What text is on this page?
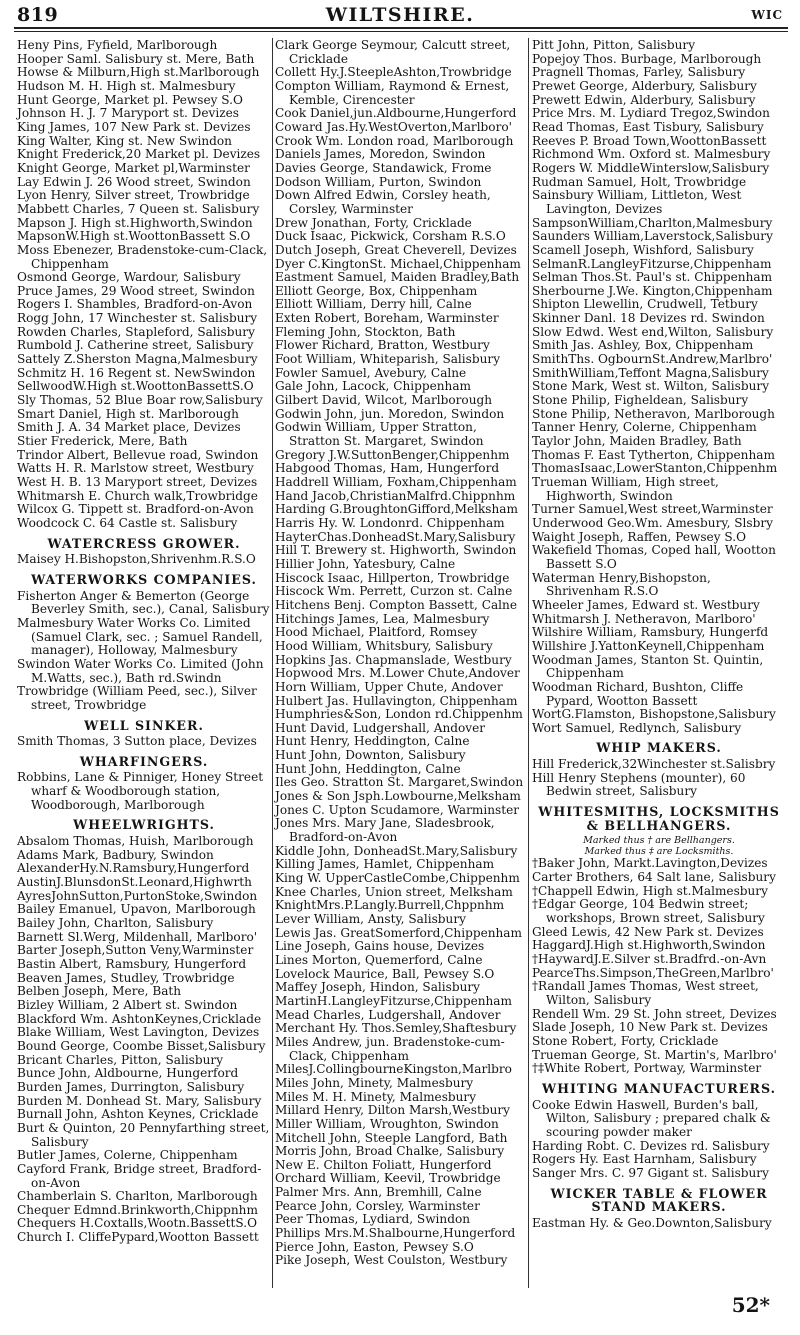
819	WILTSHIRE.	WIC
Heny Pins, Fyfield, Marlborough
Hooper Saml. Salisbury st. Mere, Bath
Howse & Milburn,High st.Marlborough
Hudson M. H. High st. Malmesbury
Hunt George, Market pl. Pewsey S.O
Johnson H. J. 7 Maryport st. Devizes
King James, 107 New Park st. Devizes
King Walter, King st. New Swindon
Knight Frederick,20 Market pl. Devizes
Knight George, Market pl,Warminster
Lay Edwin J. 26 Wood street, Swindon
Lyon Henry, Silver street, Trowbridge
Mabbett Charles, 7 Queen st. Salisbury
Mapson J. High st.Highworth,Swindon
MapsonW.High st.WoottonBassett S.O
Moss Ebenezer, Bradenstoke-cum-Clack, Chippenham
Osmond George, Wardour, Salisbury
Pruce James, 29 Wood street, Swindon
Rogers I. Shambles, Bradford-on-Avon
Rogg John, 17 Winchester st. Salisbury
Rowden Charles, Stapleford, Salisbury
Rumbold J. Catherine street, Salisbury
Sattely Z.Sherston Magna,Malmesbury
Schmitz H. 16 Regent st. NewSwindon
SellwoodW.High st.WoottonBassettS.O
Sly Thomas, 52 Blue Boar row,Salisbury
Smart Daniel, High st. Marlborough
Smith J. A. 34 Market place, Devizes
Stier Frederick, Mere, Bath
Trindor Albert, Bellevue road, Swindon
Watts H. R. Marlstow street, Westbury
West H. B. 13 Maryport street, Devizes
Whitmarsh E. Church walk,Trowbridge
Wilcox G. Tippett st. Bradford-on-Avon
Woodcock C. 64 Castle st. Salisbury
WATERCRESS GROWER.
Maisey H.Bishopston,Shrivenhm.R.S.O
WATERWORKS COMPANIES.
Fisherton Anger & Bemerton (George Beverley Smith, sec.), Canal, Salisbury
Malmesbury Water Works Co. Limited (Samuel Clark, sec. ; Samuel Randell, manager), Holloway, Malmesbury
Swindon Water Works Co. Limited (John M.Watts, sec.), Bath rd.Swindn
Trowbridge (William Peed, sec.), Silver street, Trowbridge
WELL SINKER.
Smith Thomas, 3 Sutton place, Devizes
WHARFINGERS.
Robbins, Lane & Pinniger, Honey Street wharf & Woodborough station, Woodborough, Marlborough
WHEELWRIGHTS.
Absalom Thomas, Huish, Marlborough
Adams Mark, Badbury, Swindon
AlexanderHy.N.Ramsbury,Hungerford
AustinJ.BlunsdonSt.Leonard,Highwrth
AyresJohnSutton,PurtonStoke,Swindon
Bailey Emanuel, Upavon, Marlborough
Bailey John, Charlton, Salisbury
Barnett Sl.Werg, Mildenhall, Marlboro'
Barter Joseph,Sutton Veny,Warminster
Bastin Albert, Ramsbury, Hungerford
Beaven James, Studley, Trowbridge
Belben Joseph, Mere, Bath
Bizley William, 2 Albert st. Swindon
Blackford Wm. AshtonKeynes,Cricklade
Blake William, West Lavington, Devizes
Bound George, Coombe Bisset,Salisbury
Bricant Charles, Pitton, Salisbury
Bunce John, Aldbourne, Hungerford
Burden James, Durrington, Salisbury
Burden M. Donhead St. Mary, Salisbury
Burnall John, Ashton Keynes, Cricklade
Burt & Quinton, 20 Pennyfarthing street, Salisbury
Butler James, Colerne, Chippenham
Cayford Frank, Bridge street, Bradford-on-Avon
Chamberlain S. Charlton, Marlborough
Chequer Edmnd.Brinkworth,Chippnhm
Chequers H.Coxtalls,Wootn.BassettS.O
Church I. CliffePypard,Wootton Bassett
Clark George Seymour, Calcutt street, Cricklade
Collett Hy.J.SteepleAshton,Trowbridge
Compton William, Raymond & Ernest, Kemble, Cirencester
Cook Daniel,jun.Aldbourne,Hungerford
Coward Jas.Hy.WestOverton,Marlboro'
Crook Wm. London road, Marlborough
Daniels James, Moredon, Swindon
Davies George, Standawick, Frome
Dodson William, Purton, Swindon
Down Alfred Edwin, Corsley heath, Corsley, Warminster
Drew Jonathan, Forty, Cricklade
Duck Isaac, Pickwick, Corsham R.S.O
Dutch Joseph, Great Cheverell, Devizes
Dyer C.KingtonSt. Michael,Chippenham
Eastment Samuel, Maiden Bradley,Bath
Elliott George, Box, Chippenham
Elliott William, Derry hill, Calne
Exten Robert, Boreham, Warminster
Fleming John, Stockton, Bath
Flower Richard, Bratton, Westbury
Foot William, Whiteparish, Salisbury
Fowler Samuel, Avebury, Calne
Gale John, Lacock, Chippenham
Gilbert David, Wilcot, Marlborough
Godwin John, jun. Moredon, Swindon
Godwin William, Upper Stratton, Stratton St. Margaret, Swindon
Gregory J.W.SuttonBenger,Chippenhm
Habgood Thomas, Ham, Hungerford
Haddrell William, Foxham,Chippenham
Hand Jacob,ChristianMalfrd.Chippnhm
Harding G.BroughtonGifford,Melksham
Harris Hy. W. Londonrd. Chippenham
HayterChas.DonheadSt.Mary,Salisbury
Hill T. Brewery st. Highworth, Swindon
Hillier John, Yatesbury, Calne
Hiscock Isaac, Hillperton, Trowbridge
Hiscock Wm. Perrett, Curzon st. Calne
Hitchens Benj. Compton Bassett, Calne
Hitchings James, Lea, Malmesbury
Hood Michael, Plaitford, Romsey
Hood William, Whitsbury, Salisbury
Hopkins Jas. Chapmanslade, Westbury
Hopwood Mrs. M.Lower Chute,Andover
Horn William, Upper Chute, Andover
Hulbert Jas. Hullavington, Chippenham
Humphries&Son, London rd.Chippenhm
Hunt David, Ludgershall, Andover
Hunt Henry, Heddington, Calne
Hunt John, Downton, Salisbury
Hunt John, Heddington, Calne
Iles Geo. Stratton St. Margaret,Swindon
Jones & Son Jsph.Lowbourne,Melksham
Jones C. Upton Scudamore, Warminster
Jones Mrs. Mary Jane, Sladesbrook, Bradford-on-Avon
Kiddle John, DonheadSt.Mary,Salisbury
Killing James, Hamlet, Chippenham
King W. UpperCastleCombe,Chippenhm
Knee Charles, Union street, Melksham
KnightMrs.P.Langly.Burrell,Chppnhm
Lever William, Ansty, Salisbury
Lewis Jas. GreatSomerford,Chippenham
Line Joseph, Gains house, Devizes
Lines Morton, Quemerford, Calne
Lovelock Maurice, Ball, Pewsey S.O
Maffey Joseph, Hindon, Salisbury
MartinH.LangleyFitzurse,Chippenham
Mead Charles, Ludgershall, Andover
Merchant Hy. Thos.Semley,Shaftesbury
Miles Andrew, jun. Bradenstoke-cum-Clack, Chippenham
MilesJ.CollingbourneKingston,Marlbro
Miles John, Minety, Malmesbury
Miles M. H. Minety, Malmesbury
Millard Henry, Dilton Marsh,Westbury
Miller William, Wroughton, Swindon
Mitchell John, Steeple Langford, Bath
Morris John, Broad Chalke, Salisbury
New E. Chilton Foliatt, Hungerford
Orchard William, Keevil, Trowbridge
Palmer Mrs. Ann, Bremhill, Calne
Pearce John, Corsley, Warminster
Peer Thomas, Lydiard, Swindon
Phillips Mrs.M.Shalbourne,Hungerford
Pierce John, Easton, Pewsey S.O
Pike Joseph, West Coulston, Westbury
Pitt John, Pitton, Salisbury
Popejoy Thos. Burbage, Marlborough
Pragnell Thomas, Farley, Salisbury
Prewet George, Alderbury, Salisbury
Prewett Edwin, Alderbury, Salisbury
Price Mrs. M. Lydiard Tregoz,Swindon
Read Thomas, East Tisbury, Salisbury
Reeves P. Broad Town,WoottonBassett
Richmond Wm. Oxford st. Malmesbury
Rogers W. MiddleWinterslow,Salisbury
Rudman Samuel, Holt, Trowbridge
Sainsbury William, Littleton, West Lavington, Devizes
SampsonWilliam,Charlton,Malmesbury
Saunders William,Laverstock,Salisbury
Scamell Joseph, Wishford, Salisbury
SelmanR.LangleyFitzurse,Chippenham
Selman Thos.St. Paul's st. Chippenham
Sherbourne J.We. Kington,Chippenham
Shipton Llewellin, Crudwell, Tetbury
Skinner Danl. 18 Devizes rd. Swindon
Slow Edwd. West end,Wilton, Salisbury
Smith Jas. Ashley, Box, Chippenham
SmithThs. OgbournSt.Andrew,Marlbro'
SmithWilliam,Teffont Magna,Salisbury
Stone Mark, West st. Wilton, Salisbury
Stone Philip, Figheldean, Salisbury
Stone Philip, Netheravon, Marlborough
Tanner Henry, Colerne, Chippenham
Taylor John, Maiden Bradley, Bath
Thomas F. East Tytherton, Chippenham
ThomasIsaac,LowerStanton,Chippenhm
Trueman William, High street, Highworth, Swindon
Turner Samuel,West street,Warminster
Underwood Geo.Wm. Amesbury, Slsbry
Waight Joseph, Raffen, Pewsey S.O
Wakefield Thomas, Coped hall, Wootton Bassett S.O
Waterman Henry,Bishopston, Shrivenham R.S.O
Wheeler James, Edward st. Westbury
Whitmarsh J. Netheravon, Marlboro'
Wilshire William, Ramsbury, Hungerfd
Willshire J.YattonKeynell,Chippenham
Woodman James, Stanton St. Quintin, Chippenham
Woodman Richard, Bushton, Cliffe Pypard, Wootton Bassett
WortG.Flamston, Bishopstone,Salisbury
Wort Samuel, Redlynch, Salisbury
WHIP MAKERS.
Hill Frederick,32Winchester st.Salisbry
Hill Henry Stephens (mounter), 60 Bedwin street, Salisbury
WHITESMITHS, LOCKSMITHS & BELLHANGERS.
Marked thus † are Bellhangers.
Marked thus ‡ are Locksmiths.
†Baker John, Markt.Lavington,Devizes
Carter Brothers, 64 Salt lane, Salisbury
†Chappell Edwin, High st.Malmesbury
†Edgar George, 104 Bedwin street; workshops, Brown street, Salisbury
Gleed Lewis, 42 New Park st. Devizes
HaggardJ.High st.Highworth,Swindon
†HaywardJ.E.Silver st.Bradfrd.-on-Avn
PearceThs.Simpson,TheGreen,Marlbro'
†Randall James Thomas, West street, Wilton, Salisbury
Rendell Wm. 29 St. John street, Devizes
Slade Joseph, 10 New Park st. Devizes
Stone Robert, Forty, Cricklade
Trueman George, St. Martin's, Marlbro'
†‡White Robert, Portway, Warminster
WHITING MANUFACTURERS.
Cooke Edwin Haswell, Burden's ball, Wilton, Salisbury ; prepared chalk & scouring powder maker
Harding Robt. C. Devizes rd. Salisbury
Rogers Hy. East Harnham, Salisbury
Sanger Mrs. C. 97 Gigant st. Salisbury
WICKER TABLE & FLOWER STAND MAKERS.
Eastman Hy. & Geo.Downton,Salisbury
52*
